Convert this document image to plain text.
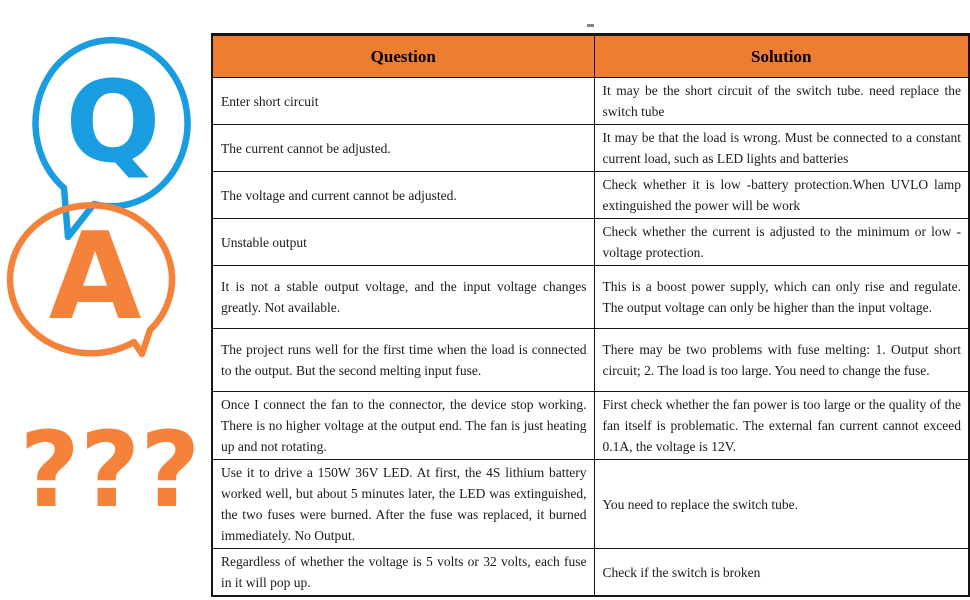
Q
A
???
Question	Solution
Enter short circuit	It may be the short circuit of the switch tube. need replace the switch tube
The current cannot be adjusted.	It may be that the load is wrong. Must be connected to a constant current load, such as LED lights and batteries
The voltage and current cannot be adjusted.	Check whether it is low -battery protection.When UVLO lamp extinguished the power will be work
Unstable output	Check whether the current is adjusted to the minimum or low -voltage protection.
It is not a stable output voltage, and the input voltage changes greatly. Not available.	This is a boost power supply, which can only rise and regulate. The output voltage can only be higher than the input voltage.
The project runs well for the first time when the load is connected to the output. But the second melting input fuse.	There may be two problems with fuse melting: 1. Output short circuit; 2. The load is too large. You need to change the fuse.
Once I connect the fan to the connector, the device stop working. There is no higher voltage at the output end. The fan is just heating up and not rotating.	First check whether the fan power is too large or the quality of the fan itself is problematic. The external fan current cannot exceed 0.1A, the voltage is 12V.
Use it to drive a 150W 36V LED. At first, the 4S lithium battery worked well, but about 5 minutes later, the LED was extinguished, the two fuses were burned. After the fuse was replaced, it burned immediately. No Output.	You need to replace the switch tube.
Regardless of whether the voltage is 5 volts or 32 volts, each fuse in it will pop up.	Check if the switch is broken
